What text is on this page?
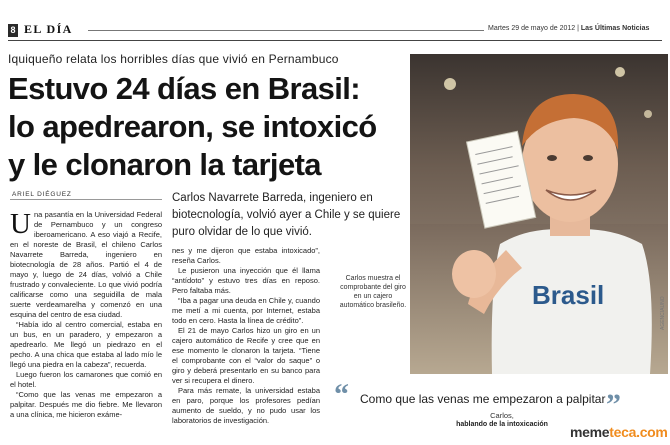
8 EL DÍA	Martes 29 de mayo de 2012 | Las Últimas Noticias
Iquiqueño relata los horribles días que vivió en Pernambuco
Estuvo 24 días en Brasil:
lo apedrearon, se intoxicó
y le clonaron la tarjeta
ARIEL DIÉGUEZ	Carlos Navarrete Barreda, ingeniero en biotecnología, volvió ayer a Chile y se quiere puro olvidar de lo que vivió.

Una pasantía en la Universidad Federal de Pernambuco y un congreso iberoamericano. A eso viajó a Recife, en el noreste de Brasil, el chileno Carlos Navarrete Barreda, ingeniero en biotecnología de 28 años. Partió el 4 de mayo y, luego de 24 días, volvió a Chile frustrado y convaleciente. Lo que vivió podría calificarse como una seguidilla de mala suerte verdeamarelha y comenzó en una esquina del centro de esa ciudad.

“Había ido al centro comercial, estaba en un bus, en un paradero, y empezaron a apedrearlo. Me llegó un piedrazo en el pecho. A una chica que estaba al lado mío le llegó una piedra en la cabeza”, recuerda.

Luego fueron los camarones que comió en el hotel.

“Como que las venas me empezaron a palpitar. Después me dio fiebre. Me llevaron a una clínica, me hicieron exáme-

nes y me dijeron que estaba intoxicado”, reseña Carlos.

Le pusieron una inyección que él llama “antídoto” y estuvo tres días en reposo. Pero faltaba más.

“Iba a pagar una deuda en Chile y, cuando me metí a mi cuenta, por Internet, estaba todo en cero. Hasta la línea de crédito”.

El 21 de mayo Carlos hizo un giro en un cajero automático de Recife y cree que en ese momento le clonaron la tarjeta. “Tiene el comprobante con el “valor do saque” o giro y deberá presentarlo en su banco para ver si recupera el dinero.

Para más remate, la universidad estaba en paro, porque los profesores pedían aumento de sueldo, y no pudo usar los laboratorios de investigación.

Brasil
Carlos muestra el comprobante del giro en un cajero automático brasileño.	AGENCIAUNO
“ Como que las venas me empezaron a palpitar ”
Carlos,
hablando de la intoxicación	memeteca.com
